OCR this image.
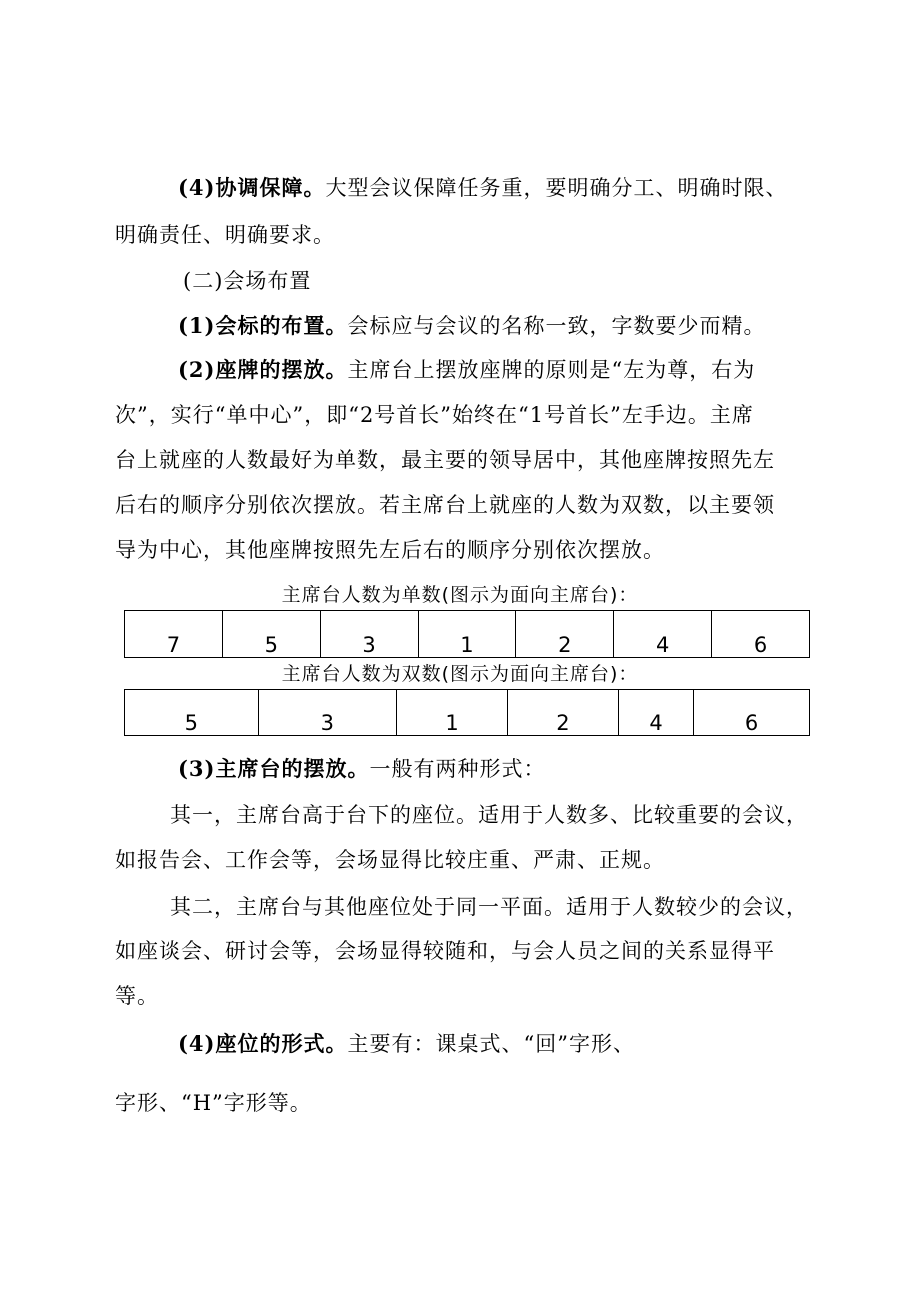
(4)协调保障。大型会议保障任务重，要明确分工、明确时限、
明确责任、明确要求。
(二)会场布置
(1)会标的布置。会标应与会议的名称一致，字数要少而精。
(2)座牌的摆放。主席台上摆放座牌的原则是“左为尊，右为
次”，实行“单中心”，即“2号首长”始终在“1号首长”左手边。主席
台上就座的人数最好为单数，最主要的领导居中，其他座牌按照先左
后右的顺序分别依次摆放。若主席台上就座的人数为双数，以主要领
导为中心，其他座牌按照先左后右的顺序分别依次摆放。
主席台人数为单数(图示为面向主席台)：
7	5	3	1	2	4	6
主席台人数为双数(图示为面向主席台)：
5	3	1	2	4	6
(3)主席台的摆放。一般有两种形式：
其一，主席台高于台下的座位。适用于人数多、比较重要的会议，
如报告会、工作会等，会场显得比较庄重、严肃、正规。
其二，主席台与其他座位处于同一平面。适用于人数较少的会议，
如座谈会、研讨会等，会场显得较随和，与会人员之间的关系显得平
等。
(4)座位的形式。主要有：课桌式、“回”字形、
字形、“H”字形等。
